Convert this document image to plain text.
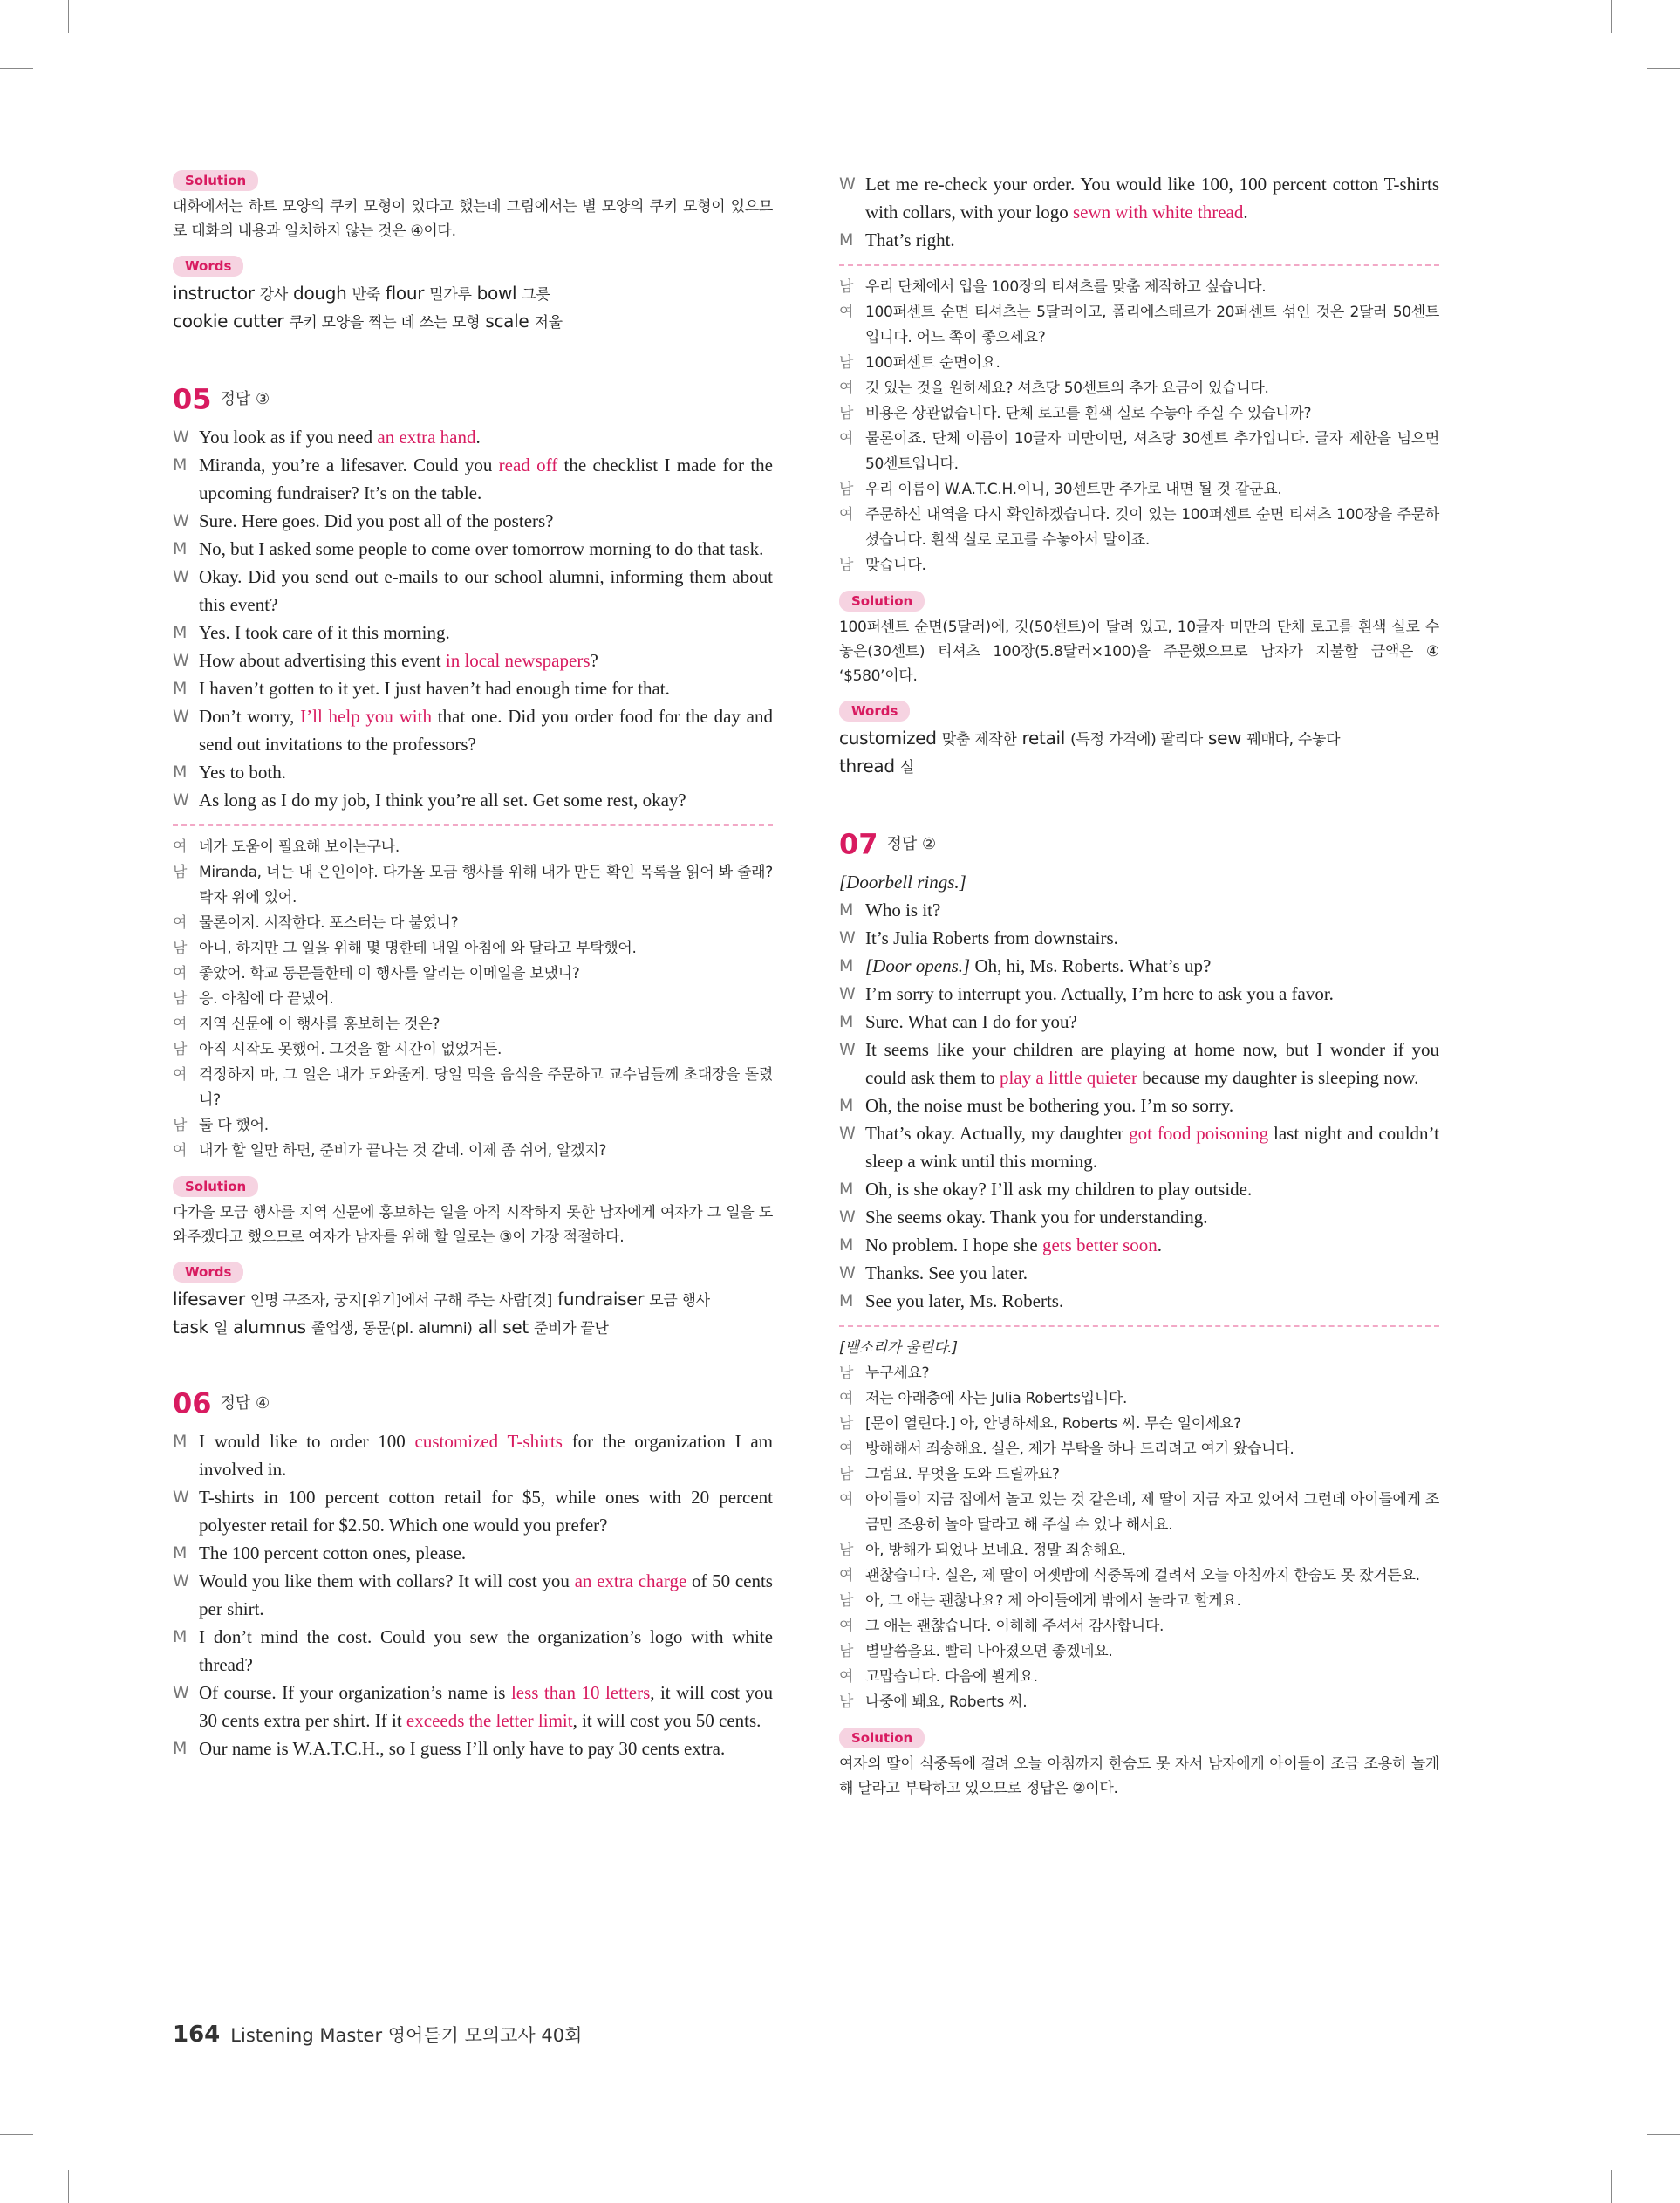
Solution

대화에서는 하트 모양의 쿠키 모형이 있다고 했는데 그림에서는 별 모양의 쿠키 모형이 있으므로 대화의 내용과 일치하지 않는 것은 ④이다.

Words
instructor 강사 dough 반죽 flour 밀가루 bowl 그릇
cookie cutter 쿠키 모양을 찍는 데 쓰는 모형 scale 저울
05 정답 ③
W You look as if you need an extra hand.
M Miranda, you’re a lifesaver. Could you read off the checklist I made for the upcoming fundraiser? It’s on the table.
W Sure. Here goes. Did you post all of the posters?
M No, but I asked some people to come over tomorrow morning to do that task.
W Okay. Did you send out e-mails to our school alumni, informing them about this event?
M Yes. I took care of it this morning.
W How about advertising this event in local newspapers?
M I haven’t gotten to it yet. I just haven’t had enough time for that.
W Don’t worry, I’ll help you with that one. Did you order food for the day and send out invitations to the professors?
M Yes to both.
W As long as I do my job, I think you’re all set. Get some rest, okay?
여 네가 도움이 필요해 보이는구나.
남 Miranda, 너는 내 은인이야. 다가올 모금 행사를 위해 내가 만든 확인 목록을 읽어 봐 줄래? 탁자 위에 있어.
여 물론이지. 시작한다. 포스터는 다 붙였니?
남 아니, 하지만 그 일을 위해 몇 명한테 내일 아침에 와 달라고 부탁했어.
여 좋았어. 학교 동문들한테 이 행사를 알리는 이메일을 보냈니?
남 응. 아침에 다 끝냈어.
여 지역 신문에 이 행사를 홍보하는 것은?
남 아직 시작도 못했어. 그것을 할 시간이 없었거든.
여 걱정하지 마, 그 일은 내가 도와줄게. 당일 먹을 음식을 주문하고 교수님들께 초대장을 돌렸니?
남 둘 다 했어.
여 내가 할 일만 하면, 준비가 끝나는 것 같네. 이제 좀 쉬어, 알겠지?
Solution

다가올 모금 행사를 지역 신문에 홍보하는 일을 아직 시작하지 못한 남자에게 여자가 그 일을 도와주겠다고 했으므로 여자가 남자를 위해 할 일로는 ③이 가장 적절하다.

Words
lifesaver 인명 구조자, 궁지[위기]에서 구해 주는 사람[것] fundraiser 모금 행사
task 일 alumnus 졸업생, 동문(pl. alumni) all set 준비가 끝난
06 정답 ④
M I would like to order 100 customized T-shirts for the organization I am involved in.
W T-shirts in 100 percent cotton retail for $5, while ones with 20 percent polyester retail for $2.50. Which one would you prefer?
M The 100 percent cotton ones, please.
W Would you like them with collars? It will cost you an extra charge of 50 cents per shirt.
M I don’t mind the cost. Could you sew the organization’s logo with white thread?
W Of course. If your organization’s name is less than 10 letters, it will cost you 30 cents extra per shirt. If it exceeds the letter limit, it will cost you 50 cents.
M Our name is W.A.T.C.H., so I guess I’ll only have to pay 30 cents extra.
W Let me re-check your order. You would like 100, 100 percent cotton T-shirts with collars, with your logo sewn with white thread.
M That’s right.
남 우리 단체에서 입을 100장의 티셔츠를 맞춤 제작하고 싶습니다.
여 100퍼센트 순면 티셔츠는 5달러이고, 폴리에스테르가 20퍼센트 섞인 것은 2달러 50센트입니다. 어느 쪽이 좋으세요?
남 100퍼센트 순면이요.
여 깃 있는 것을 원하세요? 셔츠당 50센트의 추가 요금이 있습니다.
남 비용은 상관없습니다. 단체 로고를 흰색 실로 수놓아 주실 수 있습니까?
여 물론이죠. 단체 이름이 10글자 미만이면, 셔츠당 30센트 추가입니다. 글자 제한을 넘으면 50센트입니다.
남 우리 이름이 W.A.T.C.H.이니, 30센트만 추가로 내면 될 것 같군요.
여 주문하신 내역을 다시 확인하겠습니다. 깃이 있는 100퍼센트 순면 티셔츠 100장을 주문하셨습니다. 흰색 실로 로고를 수놓아서 말이죠.
남 맞습니다.
Solution

100퍼센트 순면(5달러)에, 깃(50센트)이 달려 있고, 10글자 미만의 단체 로고를 흰색 실로 수놓은(30센트) 티셔츠 100장(5.8달러×100)을 주문했으므로 남자가 지불할 금액은 ④ ‘$580’이다.

Words
customized 맞춤 제작한 retail (특정 가격에) 팔리다 sew 꿰매다, 수놓다
thread 실
07 정답 ②
[Doorbell rings.]
M Who is it?
W It’s Julia Roberts from downstairs.
M [Door opens.] Oh, hi, Ms. Roberts. What’s up?
W I’m sorry to interrupt you. Actually, I’m here to ask you a favor.
M Sure. What can I do for you?
W It seems like your children are playing at home now, but I wonder if you could ask them to play a little quieter because my daughter is sleeping now.
M Oh, the noise must be bothering you. I’m so sorry.
W That’s okay. Actually, my daughter got food poisoning last night and couldn’t sleep a wink until this morning.
M Oh, is she okay? I’ll ask my children to play outside.
W She seems okay. Thank you for understanding.
M No problem. I hope she gets better soon.
W Thanks. See you later.
M See you later, Ms. Roberts.
[벨소리가 울린다.]
남 누구세요?
여 저는 아래층에 사는 Julia Roberts입니다.
남 [문이 열린다.] 아, 안녕하세요, Roberts 씨. 무슨 일이세요?
여 방해해서 죄송해요. 실은, 제가 부탁을 하나 드리려고 여기 왔습니다.
남 그럼요. 무엇을 도와 드릴까요?
여 아이들이 지금 집에서 놀고 있는 것 같은데, 제 딸이 지금 자고 있어서 그런데 아이들에게 조금만 조용히 놀아 달라고 해 주실 수 있나 해서요.
남 아, 방해가 되었나 보네요. 정말 죄송해요.
여 괜찮습니다. 실은, 제 딸이 어젯밤에 식중독에 걸려서 오늘 아침까지 한숨도 못 잤거든요.
남 아, 그 애는 괜찮나요? 제 아이들에게 밖에서 놀라고 할게요.
여 그 애는 괜찮습니다. 이해해 주셔서 감사합니다.
남 별말씀을요. 빨리 나아졌으면 좋겠네요.
여 고맙습니다. 다음에 뵐게요.
남 나중에 봬요, Roberts 씨.
Solution

여자의 딸이 식중독에 걸려 오늘 아침까지 한숨도 못 자서 남자에게 아이들이 조금 조용히 놀게 해 달라고 부탁하고 있으므로 정답은 ②이다.

164 Listening Master 영어듣기 모의고사 40회
